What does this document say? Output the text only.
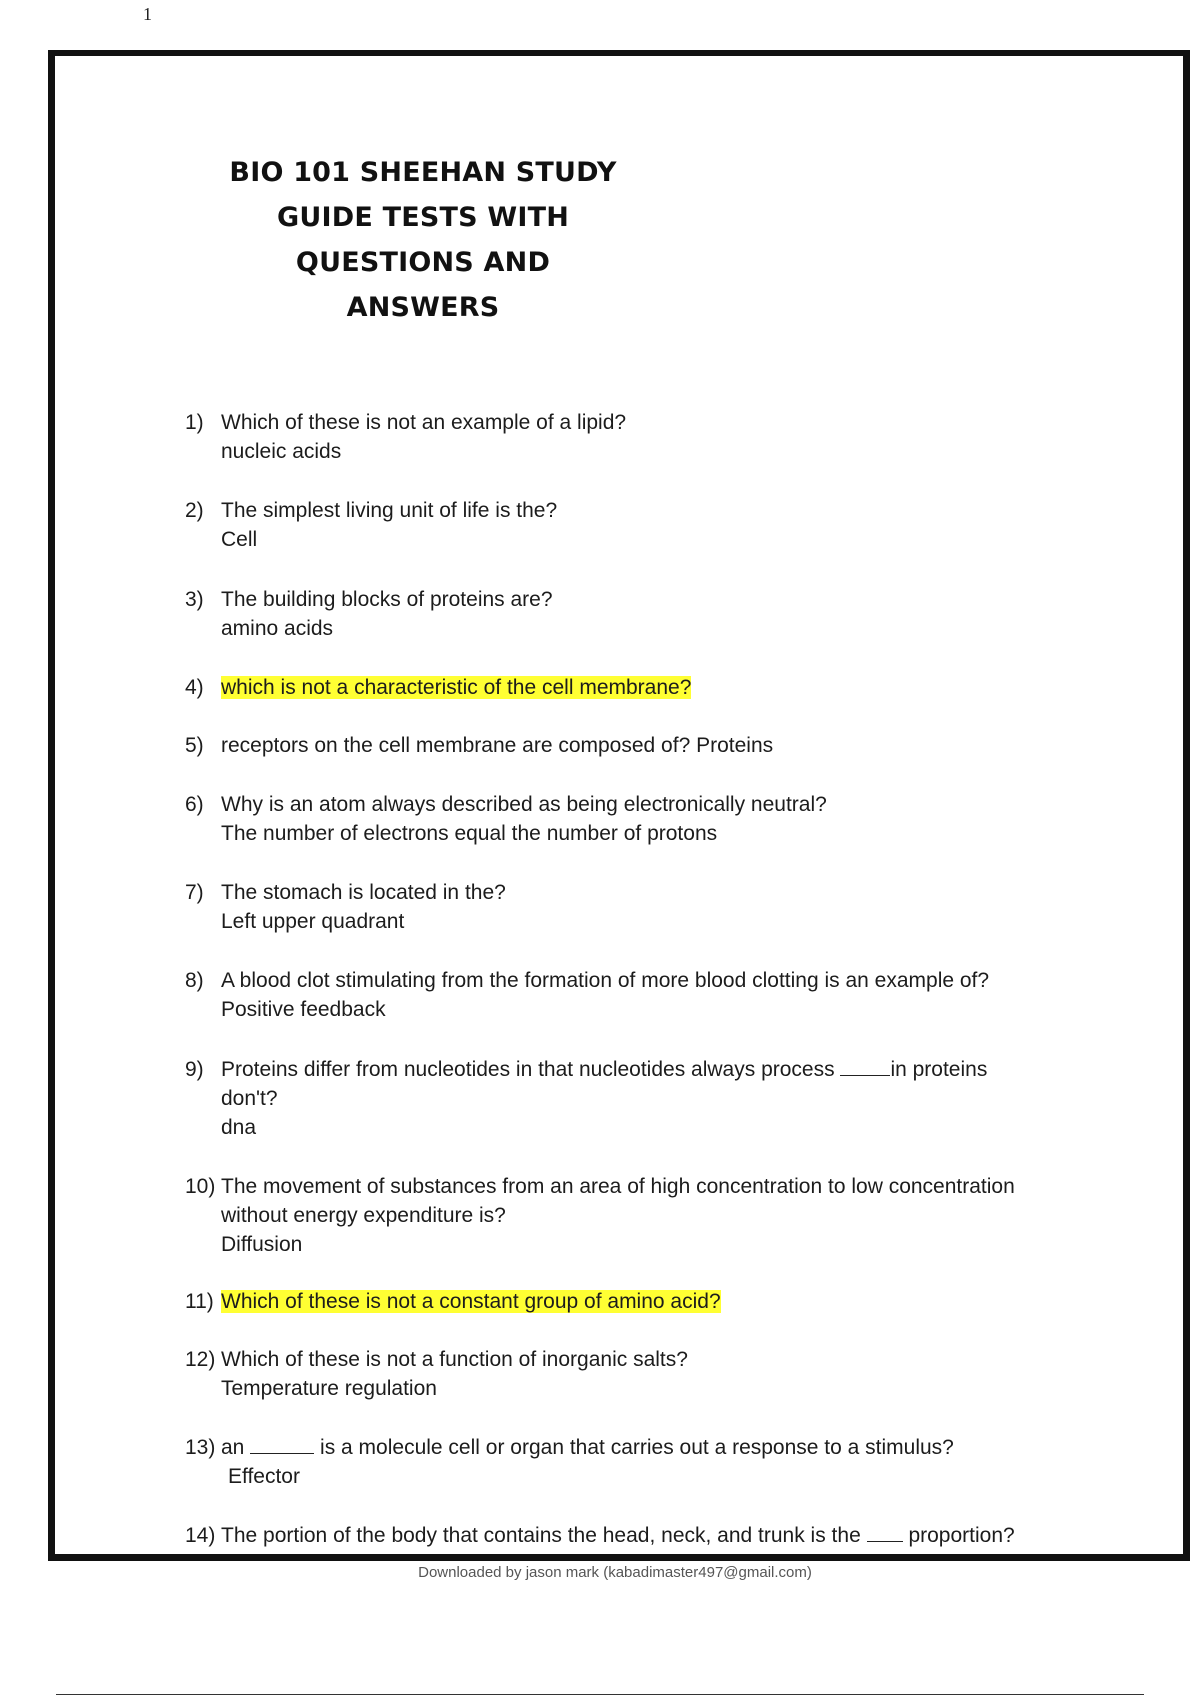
1
BIO 101 SHEEHAN STUDY
GUIDE TESTS WITH
QUESTIONS AND
ANSWERS
1) Which of these is not an example of a lipid?
nucleic acids
2) The simplest living unit of life is the?
Cell
3) The building blocks of proteins are?
amino acids
4) which is not a characteristic of the cell membrane?
5) receptors on the cell membrane are composed of? Proteins
6) Why is an atom always described as being electronically neutral?
The number of electrons equal the number of protons
7) The stomach is located in the?
Left upper quadrant
8) A blood clot stimulating from the formation of more blood clotting is an example of?
Positive feedback
9) Proteins differ from nucleotides in that nucleotides always process	in proteins
don't?
dna
10) The movement of substances from an area of high concentration to low concentration
without energy expenditure is?
Diffusion
11) Which of these is not a constant group of amino acid?
12) Which of these is not a function of inorganic salts?
Temperature regulation
13) an	is a molecule cell or organ that carries out a response to a stimulus?
Effector
14) The portion of the body that contains the head, neck, and trunk is the proportion?
Downloaded by jason mark (kabadimaster497@gmail.com)
